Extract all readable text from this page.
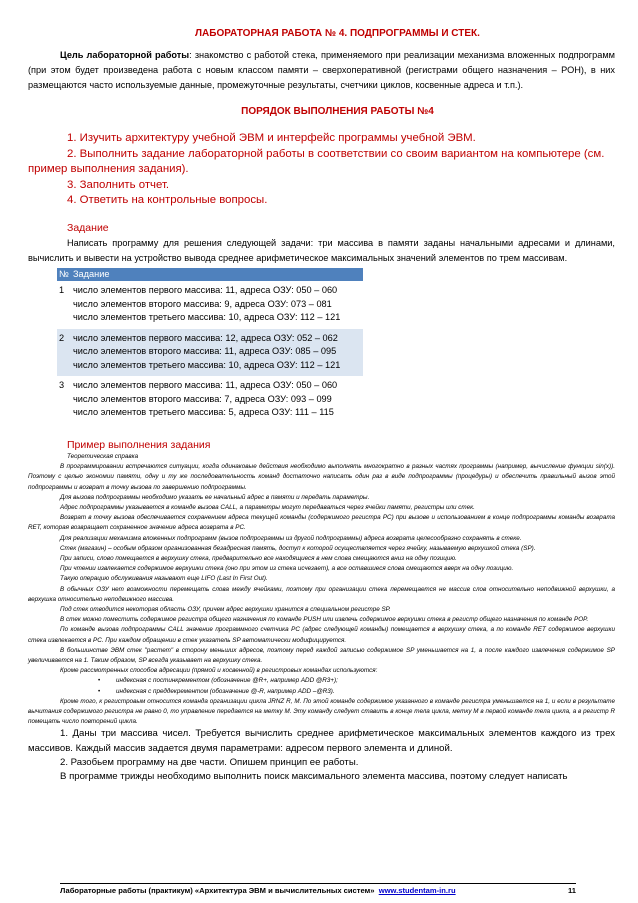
ЛАБОРАТОРНАЯ РАБОТА № 4. ПОДПРОГРАММЫ И СТЕК.

Цель лабораторной работы: знакомство с работой стека, применяемого при реализации механизма вложенных подпрограмм (при этом будет произведена работа с новым классом памяти – сверхоперативной (регистрами общего назначения – РОН), в них размещаются часто используемые данные, промежуточные результаты, счетчики циклов, косвенные адреса и т.п.).

ПОРЯДОК ВЫПОЛНЕНИЯ РАБОТЫ №4

1. Изучить архитектуру учебной ЭВМ и интерфейс программы учебной ЭВМ.

2. Выполнить задание лабораторной работы в соответствии со своим вариантом на компьютере (см. пример выполнения задания).

3. Заполнить отчет.

4. Ответить на контрольные вопросы.

Задание

Написать программу для решения следующей задачи: три массива в памяти заданы начальными адресами и длинами, вычислить и вывести на устройство вывода среднее арифметическое максимальных значений элементов по трем массивам.

№	Задание
1	число элементов первого массива: 11, адреса ОЗУ: 050 – 060
число элементов второго массива: 9, адреса ОЗУ: 073 – 081
число элементов третьего массива: 10, адреса ОЗУ: 112 – 121

2	число элементов первого массива: 12, адреса ОЗУ: 052 – 062
число элементов второго массива: 11, адреса ОЗУ: 085 – 095
число элементов третьего массива: 10, адреса ОЗУ: 112 – 121

3	число элементов первого массива: 11, адреса ОЗУ: 050 – 060
число элементов второго массива: 7, адреса ОЗУ: 093 – 099
число элементов третьего массива: 5, адреса ОЗУ: 111 – 115

Пример выполнения задания

Теоретическая справка

В программировании встречаются ситуации, когда одинаковые действия необходимо выполнять многократно в разных частях программы (например, вычисление функции sin(x)). Поэтому с целью экономии памяти, одну и ту же последовательность команд достаточно написать один раз в виде подпрограммы (процедуры) и обеспечить правильный вызов этой подпрограммы и возврат в точку вызова по завершению подпрограммы.

Для вызова подпрограммы необходимо указать ее начальный адрес в памяти и передать параметры.

Адрес подпрограммы указывается в команде вызова CALL, а параметры могут передаваться через ячейки памяти, регистры или стек.

Возврат в точку вызова обеспечивается сохранением адреса текущей команды (содержимого регистра PC) при вызове и использованием в конце подпрограммы команды возврата RET, которая возвращает сохраненное значение адреса возврата в PC.

Для реализации механизма вложенных подпрограмм (вызов подпрограммы из другой подпрограммы) адреса возврата целесообразно сохранять в стеке.

Стек (магазин) – особым образом организованная безадресная память, доступ к которой осуществляется через ячейку, называемую верхушкой стека (SP).

При записи, слово помещается в верхушку стека, предварительно все находящиеся в нем слова смещаются вниз на одну позицию.

При чтении извлекается содержимое верхушки стека (оно при этом из стека исчезает), а все оставшиеся слова смещаются вверх на одну позицию.

Такую операцию обслуживания называют еще LIFO (Last In First Out).

В обычных ОЗУ нет возможности перемещать слова между ячейками, поэтому при организации стека перемещается не массив слов относительно неподвижной верхушки, а верхушка относительно неподвижного массива.

Под стек отводится некоторая область ОЗУ, причем адрес верхушки хранится в специальном регистре SP.

В стек можно поместить содержимое регистра общего назначения по команде PUSH или извлечь содержимое верхушки стека в регистр общего назначения по команде POP.

По команде вызова подпрограммы CALL значение программного счетчика PC (адрес следующей команды) помещается в верхушку стека, а по команде RET содержимое верхушки стека извлекается в PC. При каждом обращении в стек указатель SP автоматически модифицируется.

В большинстве ЭВМ стек "растет" в сторону меньших адресов, поэтому перед каждой записью содержимое SP уменьшается на 1, а после каждого извлечения содержимое SP увеличивается на 1. Таким образом, SP всегда указывает на верхушку стека.

Кроме рассмотренных способов адресации (прямой и косвенной) в регистровых командах используются:

•	индексная с постинкрементом (обозначение @R+, например ADD @R3+);

•	индексная с преддекрементом (обозначение @-R, например ADD –@R3).

Кроме того, к регистровым относится команда организации цикла JRNZ R, M. По этой команде содержимое указанного в команде регистра уменьшается на 1, и если в результате вычитания содержимого регистра не равно 0, то управление передается на метку M. Эту команду следует ставить в конце тела цикла, метку M в первой команде тела цикла, а в регистр R помещать число повторений цикла.

1. Даны три массива чисел. Требуется вычислить среднее арифметическое максимальных элементов каждого из трех массивов. Каждый массив задается двумя параметрами: адресом первого элемента и длиной.

2. Разобьем программу на две части. Опишем принцип ее работы.

В программе трижды необходимо выполнить поиск максимального элемента массива, поэтому следует написать

Лабораторные работы (практикум) «Архитектура ЭВМ и вычислительных систем» www.studentam-in.ru	11
